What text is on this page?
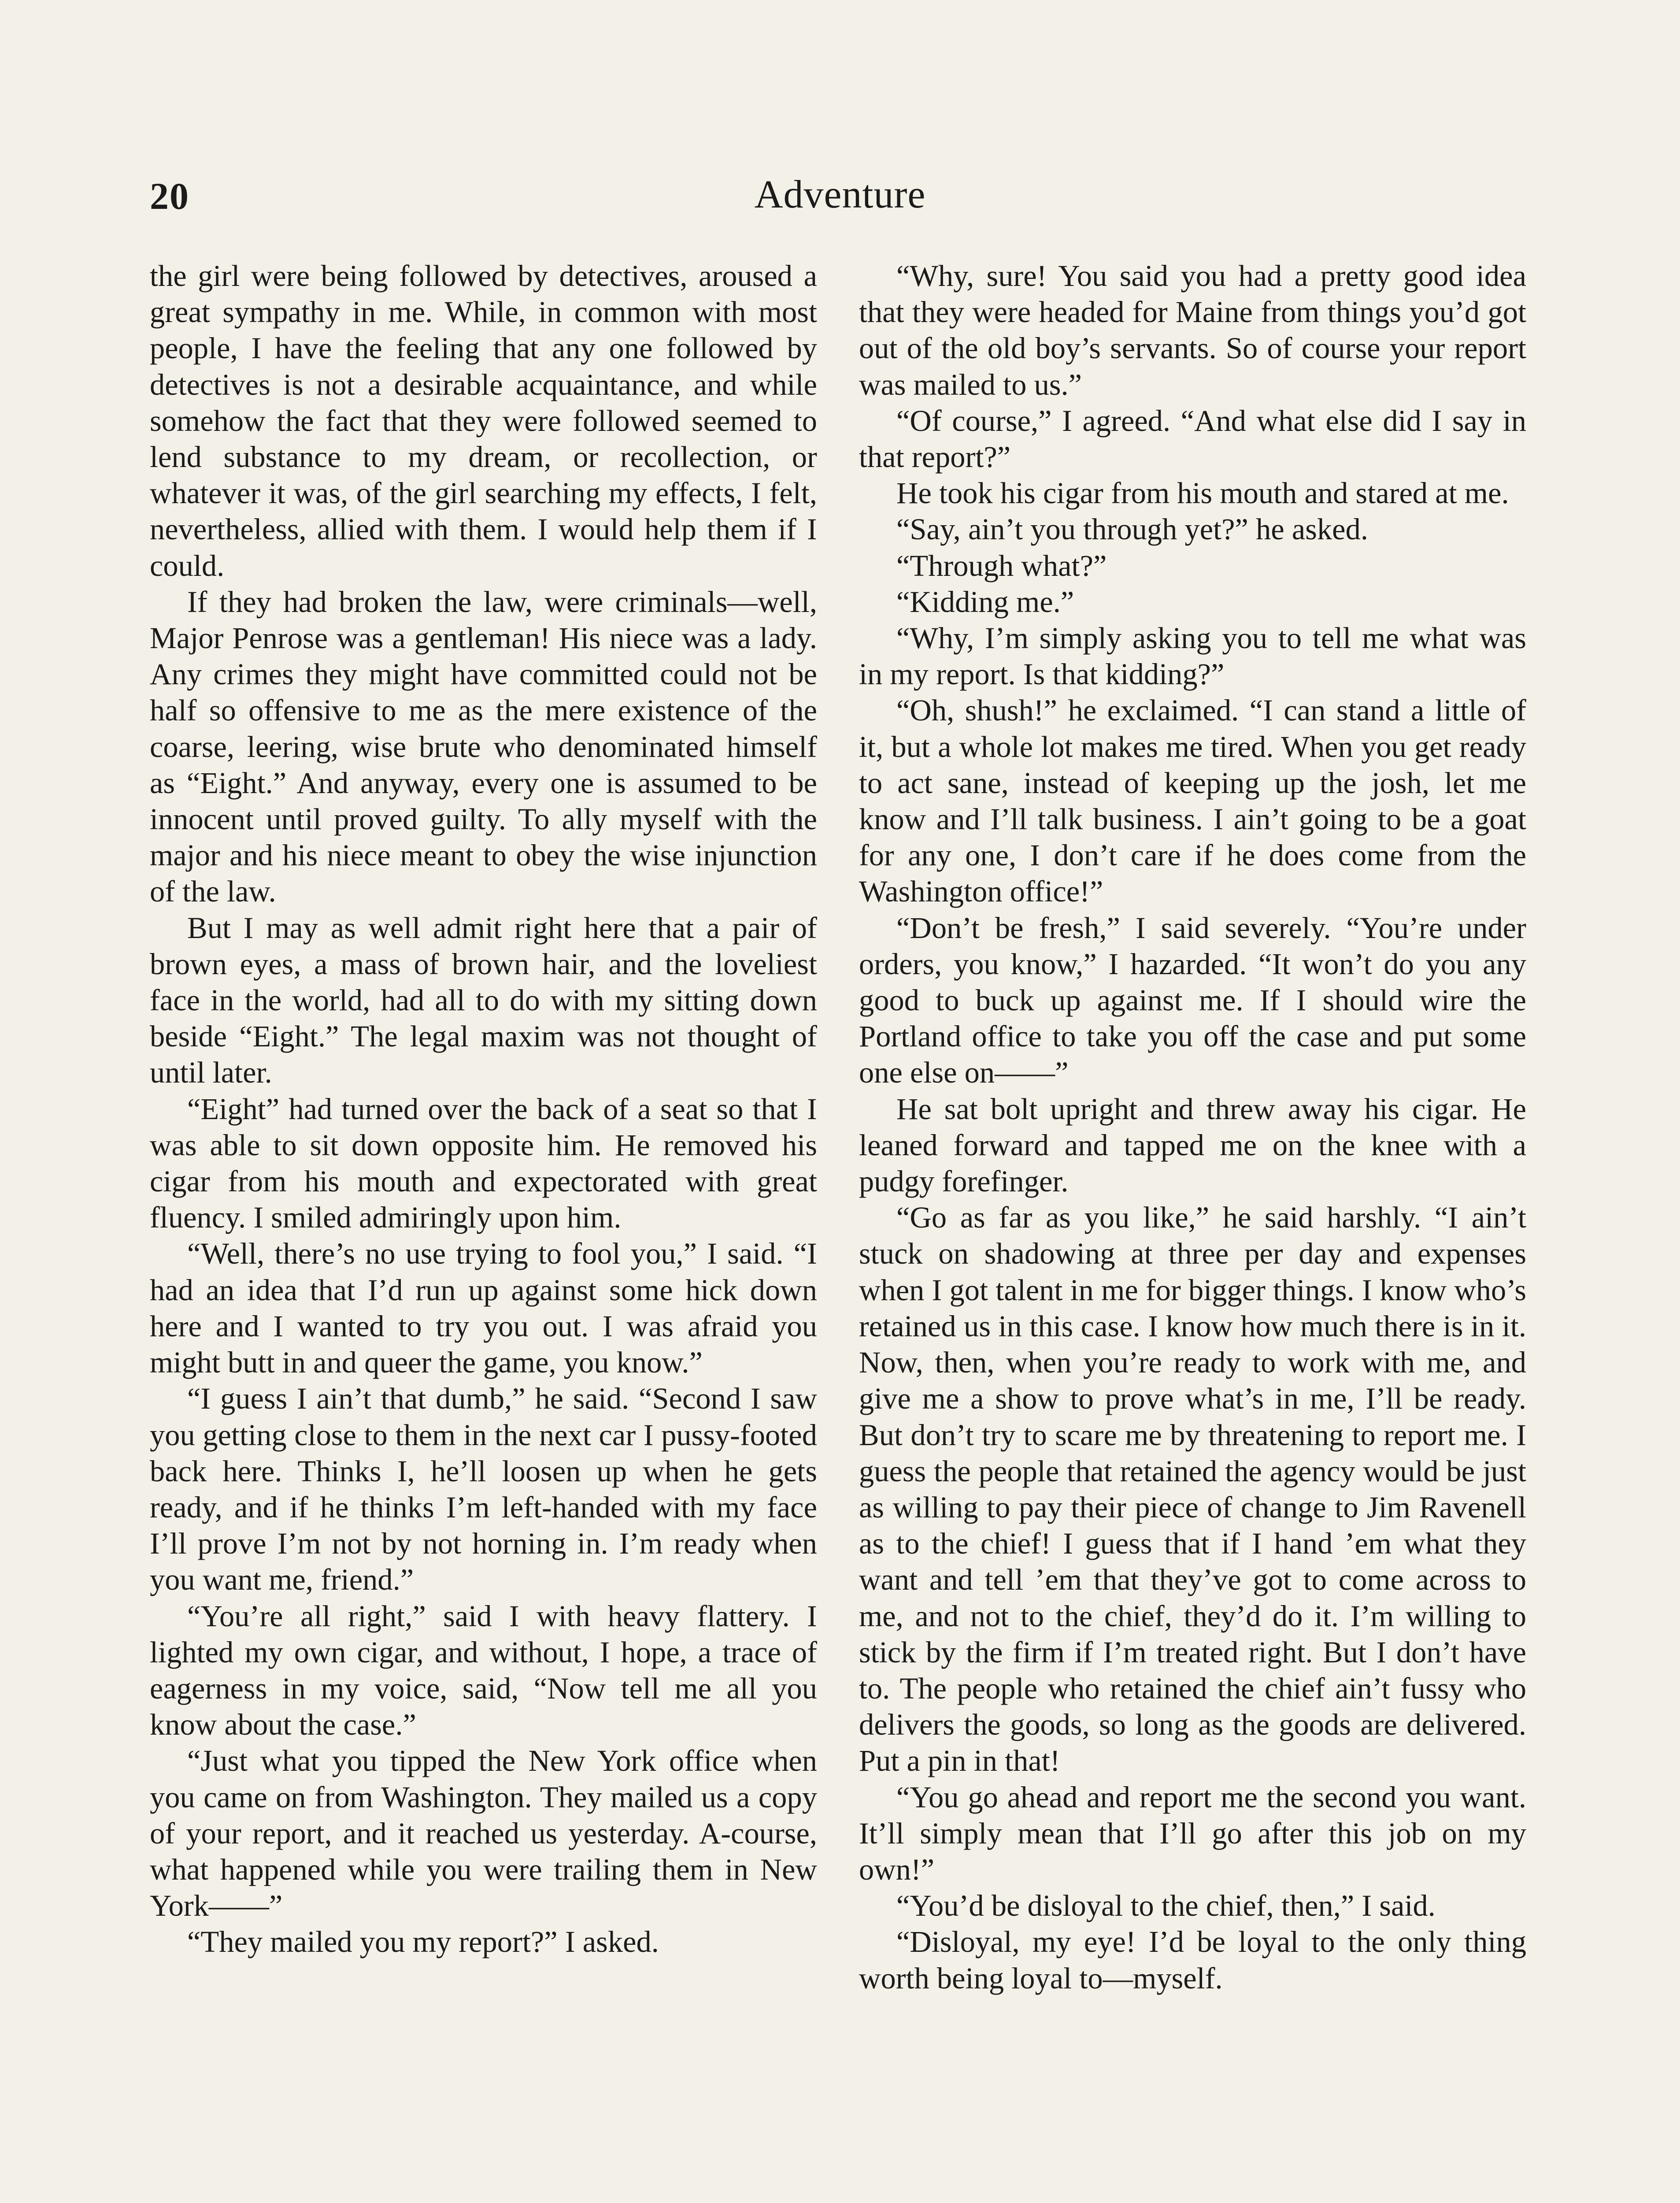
20	Adventure

the girl were being followed by detectives, aroused a great sympathy in me. While, in common with most people, I have the feeling that any one followed by detectives is not a desirable acquaintance, and while somehow the fact that they were followed seemed to lend substance to my dream, or recollection, or whatever it was, of the girl searching my effects, I felt, nevertheless, allied with them. I would help them if I could.

If they had broken the law, were criminals—well, Major Penrose was a gentleman! His niece was a lady. Any crimes they might have committed could not be half so offensive to me as the mere existence of the coarse, leering, wise brute who denominated himself as “Eight.” And anyway, every one is assumed to be innocent until proved guilty. To ally myself with the major and his niece meant to obey the wise injunction of the law.

But I may as well admit right here that a pair of brown eyes, a mass of brown hair, and the loveliest face in the world, had all to do with my sitting down beside “Eight.” The legal maxim was not thought of until later.

“Eight” had turned over the back of a seat so that I was able to sit down opposite him. He removed his cigar from his mouth and expectorated with great fluency. I smiled admiringly upon him.

“Well, there’s no use trying to fool you,” I said. “I had an idea that I’d run up against some hick down here and I wanted to try you out. I was afraid you might butt in and queer the game, you know.”

“I guess I ain’t that dumb,” he said. “Second I saw you getting close to them in the next car I pussy-footed back here. Thinks I, he’ll loosen up when he gets ready, and if he thinks I’m left-handed with my face I’ll prove I’m not by not horning in. I’m ready when you want me, friend.”

“You’re all right,” said I with heavy flattery. I lighted my own cigar, and without, I hope, a trace of eagerness in my voice, said, “Now tell me all you know about the case.”

“Just what you tipped the New York office when you came on from Washington. They mailed us a copy of your report, and it reached us yesterday. A-course, what happened while you were trailing them in New York——”

“They mailed you my report?” I asked.

“Why, sure! You said you had a pretty good idea that they were headed for Maine from things you’d got out of the old boy’s servants. So of course your report was mailed to us.”

“Of course,” I agreed. “And what else did I say in that report?”

He took his cigar from his mouth and stared at me.

“Say, ain’t you through yet?” he asked.

“Through what?”

“Kidding me.”

“Why, I’m simply asking you to tell me what was in my report. Is that kidding?”

“Oh, shush!” he exclaimed. “I can stand a little of it, but a whole lot makes me tired. When you get ready to act sane, instead of keeping up the josh, let me know and I’ll talk business. I ain’t going to be a goat for any one, I don’t care if he does come from the Washington office!”

“Don’t be fresh,” I said severely. “You’re under orders, you know,” I hazarded. “It won’t do you any good to buck up against me. If I should wire the Portland office to take you off the case and put some one else on——”

He sat bolt upright and threw away his cigar. He leaned forward and tapped me on the knee with a pudgy forefinger.

“Go as far as you like,” he said harshly. “I ain’t stuck on shadowing at three per day and expenses when I got talent in me for bigger things. I know who’s retained us in this case. I know how much there is in it. Now, then, when you’re ready to work with me, and give me a show to prove what’s in me, I’ll be ready. But don’t try to scare me by threatening to report me. I guess the people that retained the agency would be just as willing to pay their piece of change to Jim Ravenell as to the chief! I guess that if I hand ’em what they want and tell ’em that they’ve got to come across to me, and not to the chief, they’d do it. I’m willing to stick by the firm if I’m treated right. But I don’t have to. The people who retained the chief ain’t fussy who delivers the goods, so long as the goods are delivered. Put a pin in that!

“You go ahead and report me the second you want. It’ll simply mean that I’ll go after this job on my own!”

“You’d be disloyal to the chief, then,” I said.

“Disloyal, my eye! I’d be loyal to the only thing worth being loyal to—myself.
